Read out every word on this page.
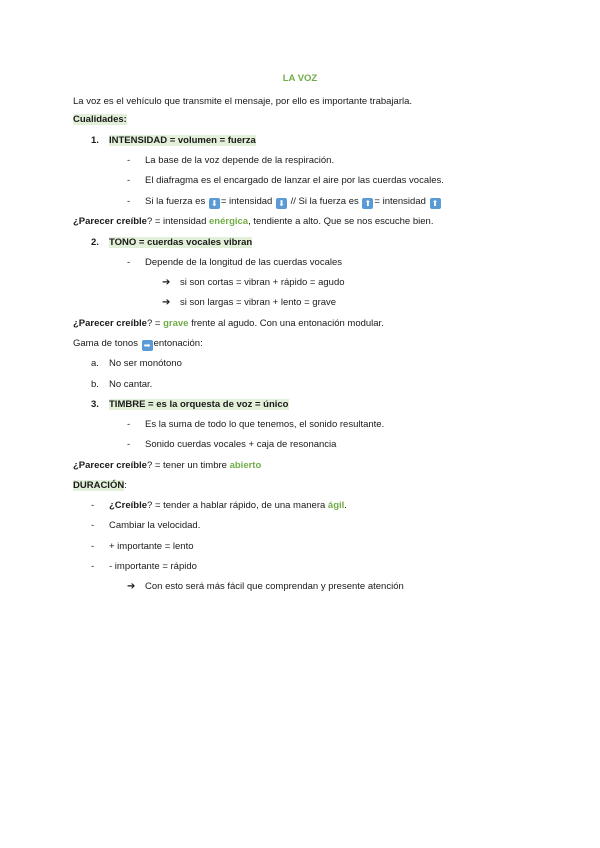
LA VOZ
La voz es el vehículo que transmite el mensaje, por ello es importante trabajarla.
Cualidades:
1. INTENSIDAD = volumen = fuerza
- La base de la voz depende de la respiración.
- El diafragma es el encargado de lanzar el aire por las cuerdas vocales.
- Si la fuerza es ⬇ = intensidad ⬇ // Si la fuerza es ⬆ = intensidad ⬆
¿Parecer creíble? = intensidad enérgica, tendiente a alto. Que se nos escuche bien.
2. TONO = cuerdas vocales vibran
- Depende de la longitud de las cuerdas vocales
➔ si son cortas = vibran + rápido = agudo
➔ si son largas = vibran + lento = grave
¿Parecer creíble? = grave frente al agudo. Con una entonación modular.
Gama de tonos ➡ entonación:
a. No ser monótono
b. No cantar.
3. TIMBRE = es la orquesta de voz = único
- Es la suma de todo lo que tenemos, el sonido resultante.
- Sonido cuerdas vocales + caja de resonancia
¿Parecer creíble? = tener un timbre abierto
DURACIÓN:
- ¿Creíble? = tender a hablar rápido, de una manera ágil.
- Cambiar la velocidad.
- + importante = lento
- - importante = rápido
➔ Con esto será más fácil que comprendan y presente atención
